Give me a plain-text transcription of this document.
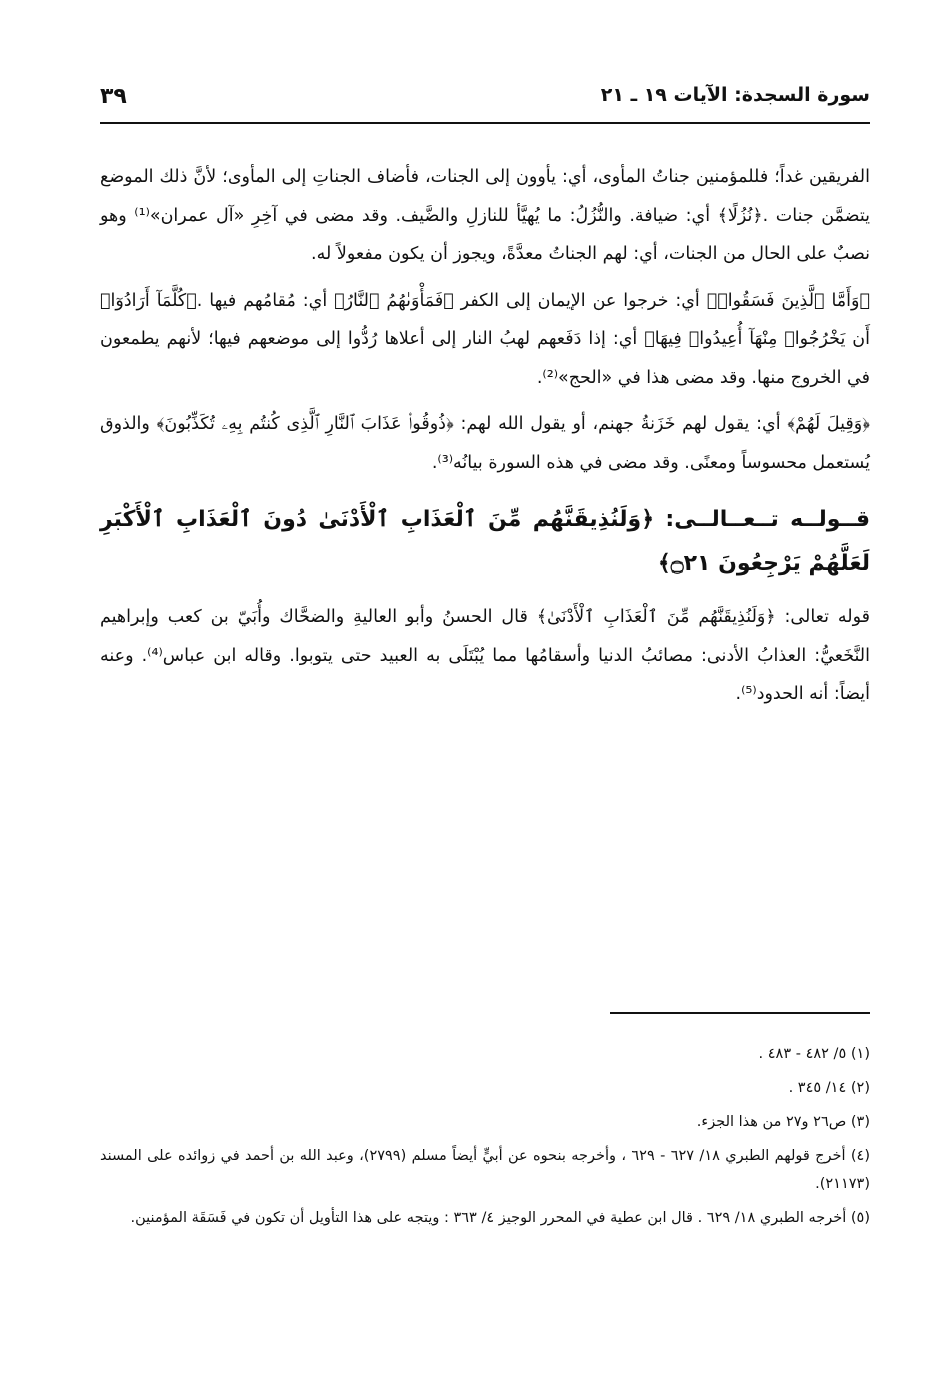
سورة السجدة: الآيات ١٩ ـ ٢١
٣٩

الفريقين غداً؛ فللمؤمنين جناتُ المأوى، أي: يأوون إلى الجنات، فأضاف الجناتِ إلى المأوى؛ لأنَّ ذلك الموضع يتضمَّن جنات .﴿نُزُلًا﴾ أي: ضيافة. والنُّزُلُ: ما يُهيَّأ للنازلِ والضَّيف. وقد مضى في آخِرِ «آل عمران»⁽¹⁾ وهو نصبٌ على الحال من الجنات، أي: لهم الجناتُ معدَّةً، ويجوز أن يكون مفعولاً له.

﴿وَأَمَّا ٱلَّذِينَ فَسَقُوا۟﴾ أي: خرجوا عن الإيمان إلى الكفر ﴿فَمَأْوَىٰهُمُ ٱلنَّارُ﴾ أي: مُقامُهم فيها .﴿كُلَّمَآ أَرَادُوٓا۟ أَن يَخْرُجُوا۟ مِنْهَآ أُعِيدُوا۟ فِيهَا﴾ أي: إذا دَفَعهم لهبُ النار إلى أعلاها رُدُّوا إلى موضعهم فيها؛ لأنهم يطمعون في الخروج منها. وقد مضى هذا في «الحج»⁽²⁾.

﴿وَقِيلَ لَهُمْ﴾ أي: يقول لهم خَزَنةُ جهنم، أو يقول الله لهم: ﴿ذُوقُوا۟ عَذَابَ ٱلنَّارِ ٱلَّذِى كُنتُم بِهِۦ تُكَذِّبُونَ﴾ والذوق يُستعمل محسوساً ومعنًى. وقد مضى في هذه السورة بيانُه⁽³⁾.

قــولــه تــعــالــى: ﴿وَلَنُذِيقَنَّهُم مِّنَ ٱلْعَذَابِ ٱلْأَدْنَىٰ دُونَ ٱلْعَذَابِ ٱلْأَكْبَرِ لَعَلَّهُمْ يَرْجِعُونَ ۝٢١﴾

قوله تعالى: ﴿وَلَنُذِيقَنَّهُم مِّنَ ٱلْعَذَابِ ٱلْأَدْنَىٰ﴾ قال الحسنُ وأبو العاليةِ والضحَّاك وأُبَيّ بن كعب وإبراهيم النَّخَعيُّ: العذابُ الأدنى: مصائبُ الدنيا وأسقامُها مما يُبْتَلَى به العبيد حتى يتوبوا. وقاله ابن عباس⁽⁴⁾. وعنه أيضاً: أنه الحدود⁽⁵⁾.

(١) ٥/ ٤٨٢ - ٤٨٣ .

(٢) ١٤/ ٣٤٥ .

(٣) ص٢٦ و٢٧ من هذا الجزء.

(٤) أخرج قولهم الطبري ١٨/ ٦٢٧ - ٦٢٩ ، وأخرجه بنحوه عن أبيٍّ أيضاً مسلم (٢٧٩٩)، وعبد الله بن أحمد في زوائده على المسند (٢١١٧٣).

(٥) أخرجه الطبري ١٨/ ٦٢٩ . قال ابن عطية في المحرر الوجيز ٤/ ٣٦٣ : ويتجه على هذا التأويل أن تكون في فَسَقَة المؤمنين.
